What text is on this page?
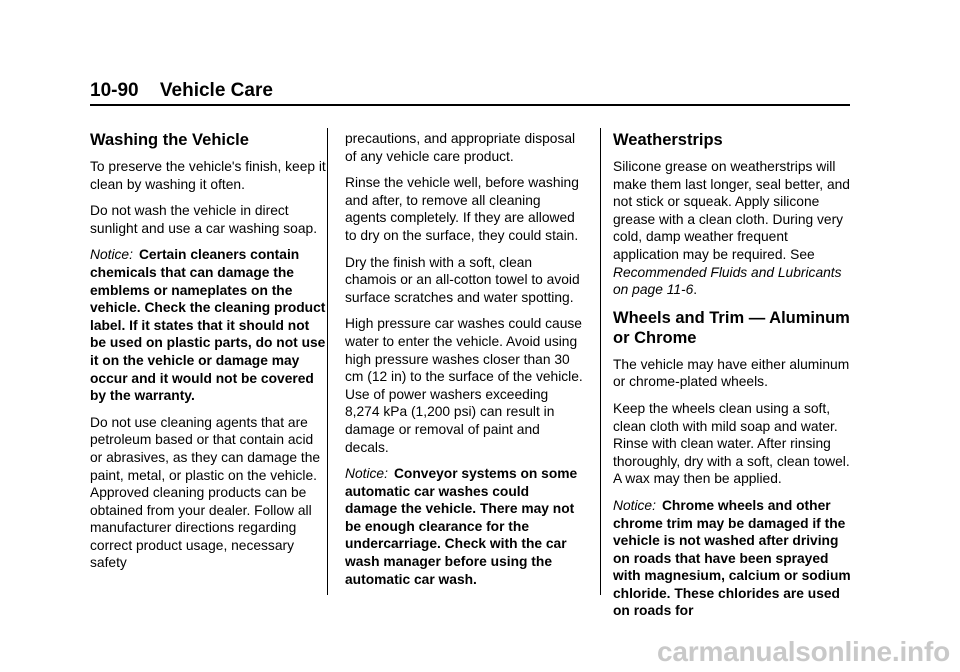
10-90 Vehicle Care
Washing the Vehicle

To preserve the vehicle's finish, keep it clean by washing it often.

Do not wash the vehicle in direct sunlight and use a car washing soap.

Notice: Certain cleaners contain chemicals that can damage the emblems or nameplates on the vehicle. Check the cleaning product label. If it states that it should not be used on plastic parts, do not use it on the vehicle or damage may occur and it would not be covered by the warranty.

Do not use cleaning agents that are petroleum based or that contain acid or abrasives, as they can damage the paint, metal, or plastic on the vehicle. Approved cleaning products can be obtained from your dealer. Follow all manufacturer directions regarding correct product usage, necessary safety

precautions, and appropriate disposal of any vehicle care product.

Rinse the vehicle well, before washing and after, to remove all cleaning agents completely. If they are allowed to dry on the surface, they could stain.

Dry the finish with a soft, clean chamois or an all-cotton towel to avoid surface scratches and water spotting.

High pressure car washes could cause water to enter the vehicle. Avoid using high pressure washes closer than 30 cm (12 in) to the surface of the vehicle. Use of power washers exceeding 8,274 kPa (1,200 psi) can result in damage or removal of paint and decals.

Notice: Conveyor systems on some automatic car washes could damage the vehicle. There may not be enough clearance for the undercarriage. Check with the car wash manager before using the automatic car wash.

Weatherstrips

Silicone grease on weatherstrips will make them last longer, seal better, and not stick or squeak. Apply silicone grease with a clean cloth. During very cold, damp weather frequent application may be required. See Recommended Fluids and Lubricants on page 11-6.

Wheels and Trim — Aluminum or Chrome

The vehicle may have either aluminum or chrome-plated wheels.

Keep the wheels clean using a soft, clean cloth with mild soap and water. Rinse with clean water. After rinsing thoroughly, dry with a soft, clean towel. A wax may then be applied.

Notice: Chrome wheels and other chrome trim may be damaged if the vehicle is not washed after driving on roads that have been sprayed with magnesium, calcium or sodium chloride. These chlorides are used on roads for

carmanualsonline.info
